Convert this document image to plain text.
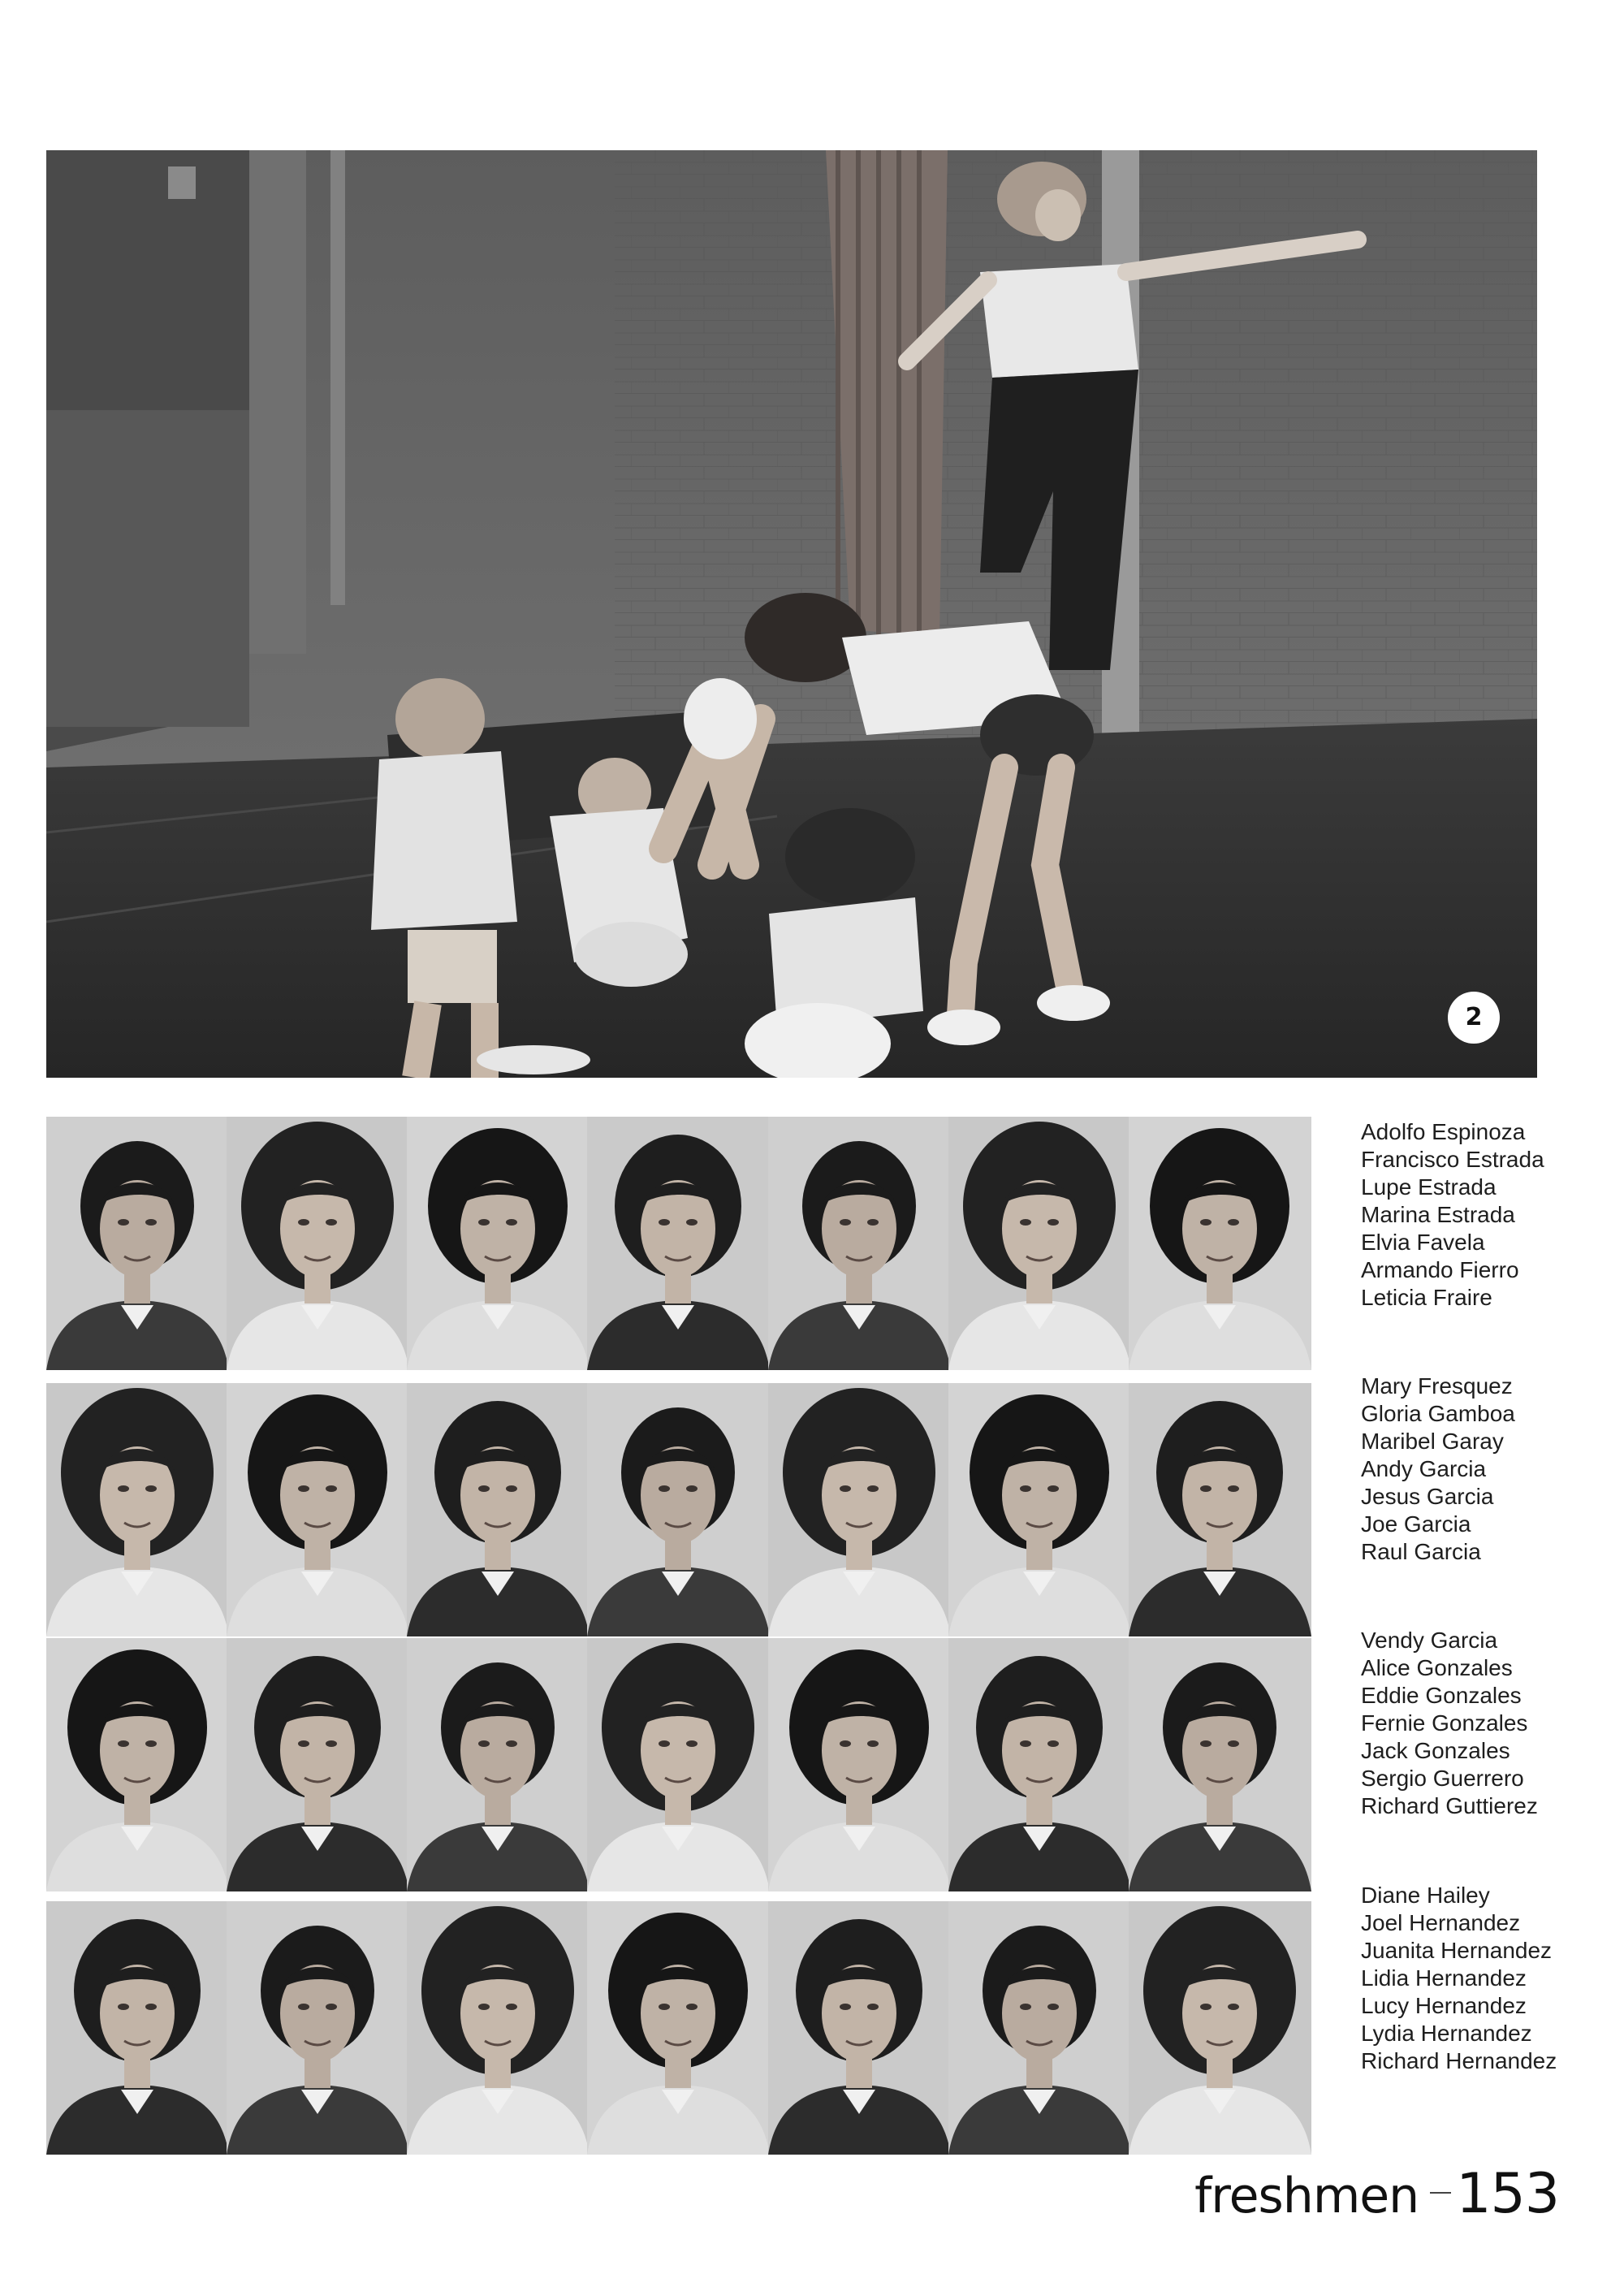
2
Adolfo Espinoza
Francisco Estrada
Lupe Estrada
Marina Estrada
Elvia Favela
Armando Fierro
Leticia Fraire
Mary Fresquez
Gloria Gamboa
Maribel Garay
Andy Garcia
Jesus Garcia
Joe Garcia
Raul Garcia
Vendy Garcia
Alice Gonzales
Eddie Gonzales
Fernie Gonzales
Jack Gonzales
Sergio Guerrero
Richard Guttierez
Diane Hailey
Joel Hernandez
Juanita Hernandez
Lidia Hernandez
Lucy Hernandez
Lydia Hernandez
Richard Hernandez
freshmen 153
